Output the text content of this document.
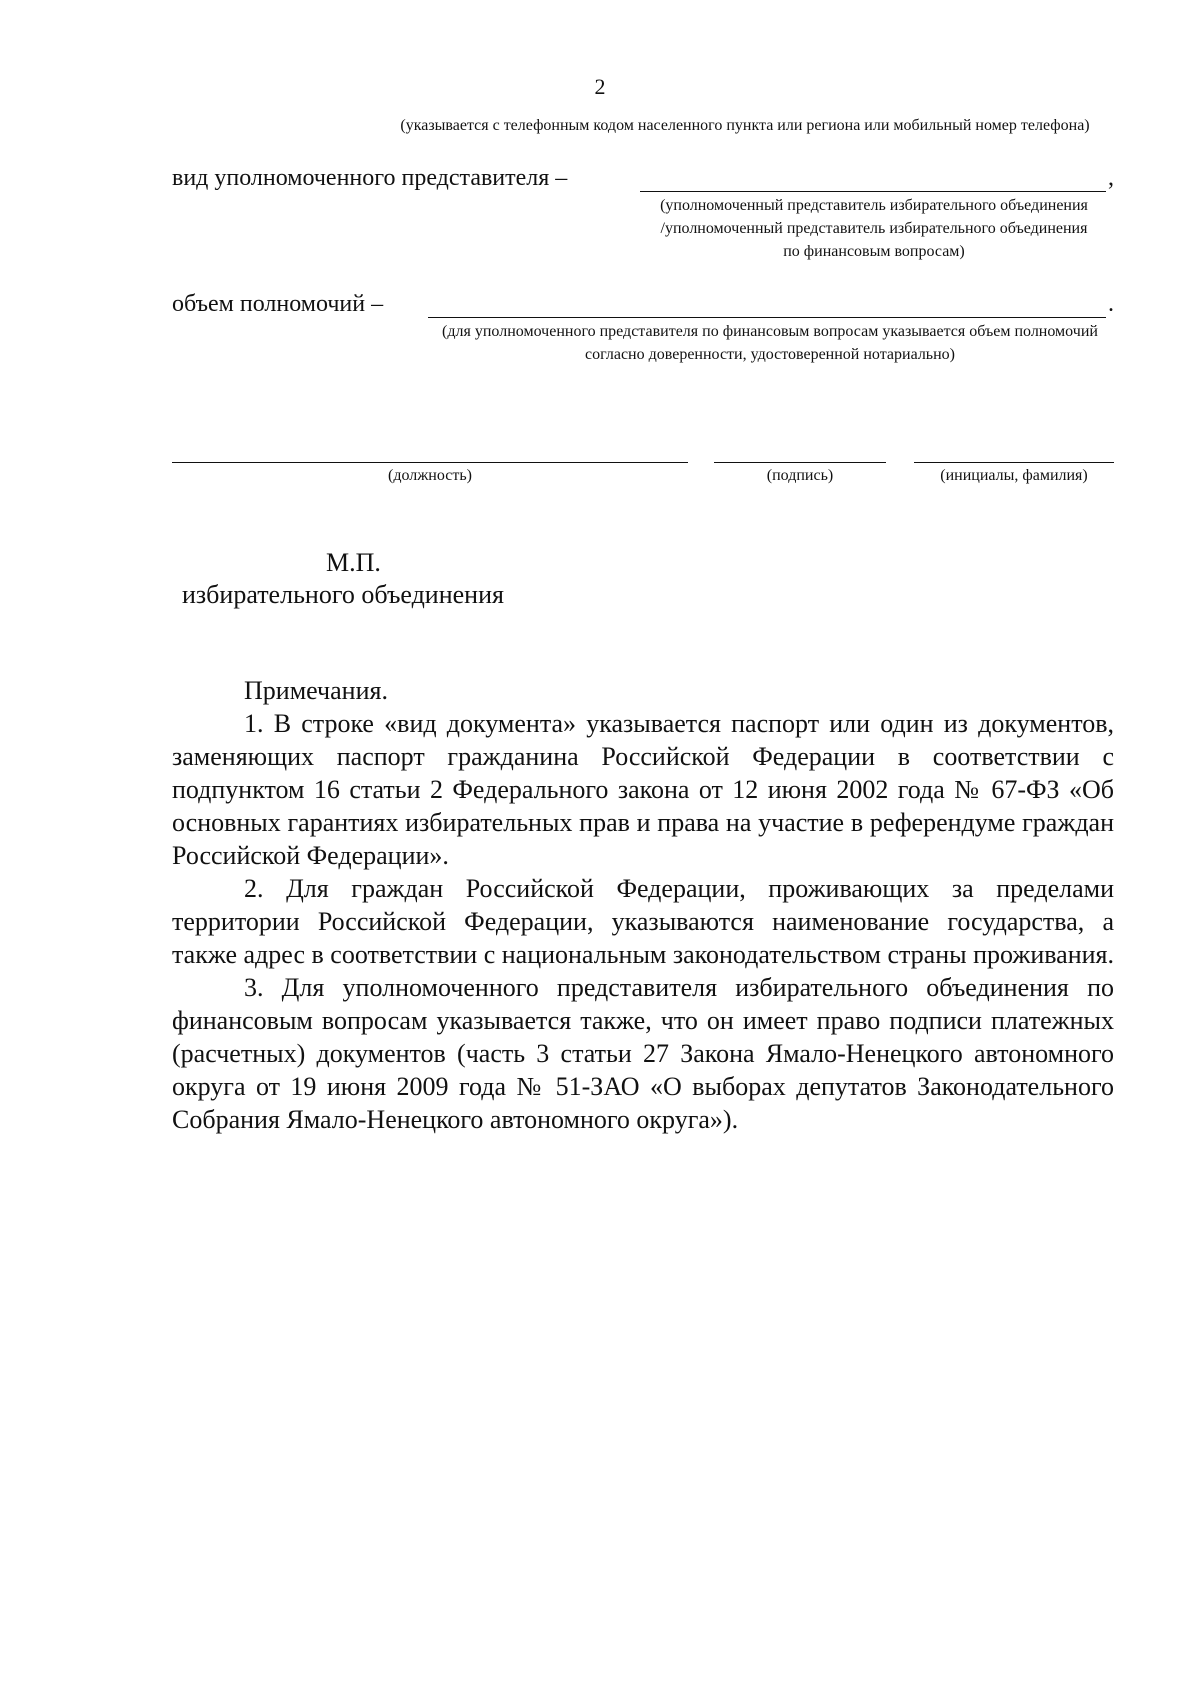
2
(указывается с телефонным кодом населенного пункта или региона или мобильный номер телефона)
вид уполномоченного представителя –	,
(уполномоченный представитель избирательного объединения /уполномоченный представитель избирательного объединения по финансовым вопросам)
объем полномочий –	.
(для уполномоченного представителя по финансовым вопросам указывается объем полномочий согласно доверенности, удостоверенной нотариально)
(должность)	(подпись)	(инициалы, фамилия)
М.П.
избирательного объединения

Примечания.

1. В строке «вид документа» указывается паспорт или один из документов, заменяющих паспорт гражданина Российской Федерации в соответствии с подпунктом 16 статьи 2 Федерального закона от 12 июня 2002 года № 67-ФЗ «Об основных гарантиях избирательных прав и права на участие в референдуме граждан Российской Федерации».

2. Для граждан Российской Федерации, проживающих за пределами территории Российской Федерации, указываются наименование государства, а также адрес в соответствии с национальным законодательством страны проживания.

3. Для уполномоченного представителя избирательного объединения по финансовым вопросам указывается также, что он имеет право подписи платежных (расчетных) документов (часть 3 статьи 27 Закона Ямало-Ненецкого автономного округа от 19 июня 2009 года № 51-ЗАО «О выборах депутатов Законодательного Собрания Ямало-Ненецкого автономного округа»).
